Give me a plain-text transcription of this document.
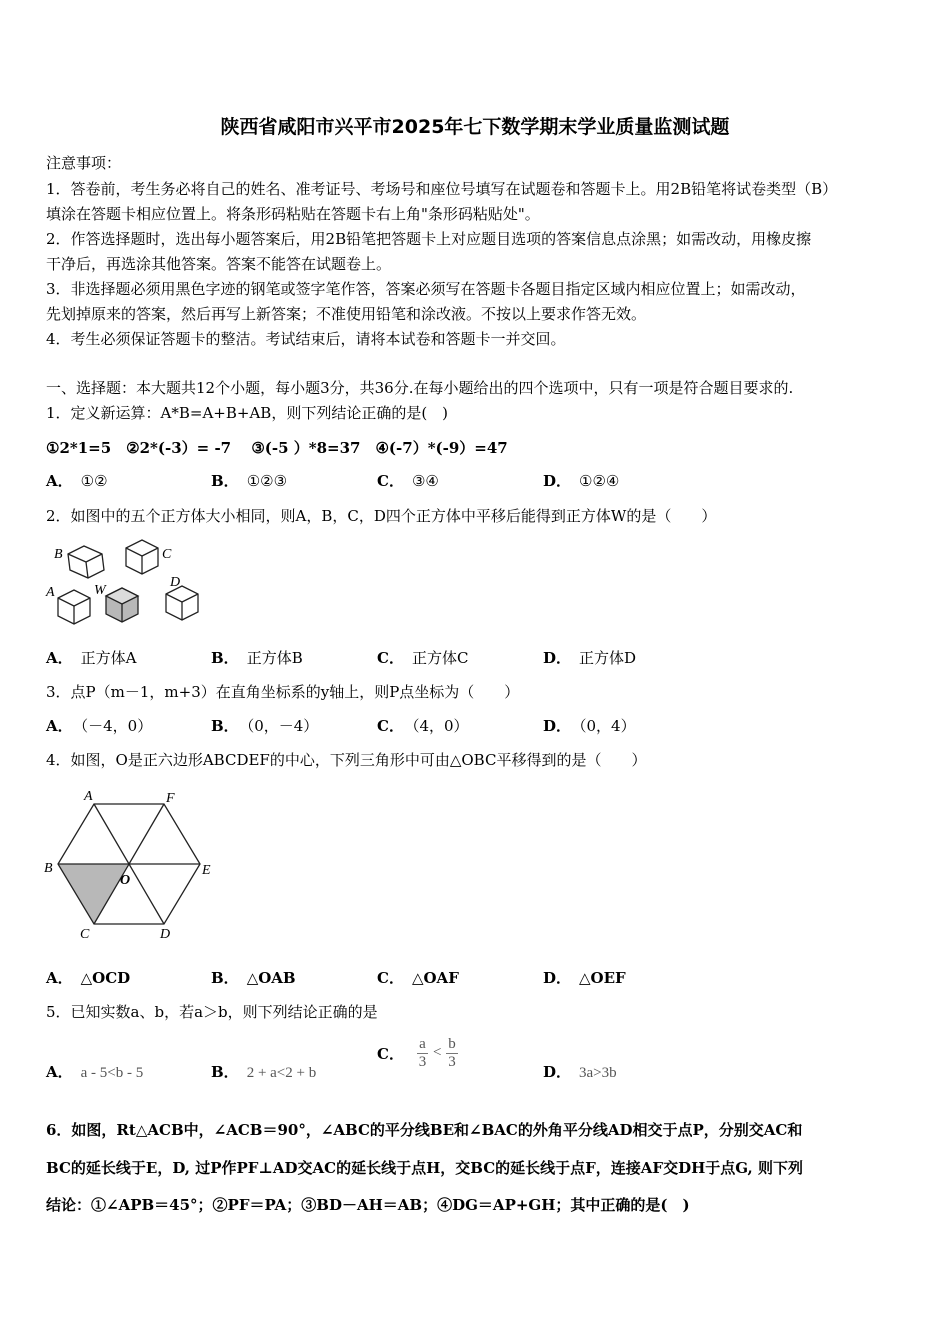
陕西省咸阳市兴平市2025年七下数学期末学业质量监测试题
注意事项：
1．答卷前，考生务必将自己的姓名、准考证号、考场号和座位号填写在试题卷和答题卡上。用2B铅笔将试卷类型（B）
填涂在答题卡相应位置上。将条形码粘贴在答题卡右上角"条形码粘贴处"。
2．作答选择题时，选出每小题答案后，用2B铅笔把答题卡上对应题目选项的答案信息点涂黑；如需改动，用橡皮擦
干净后，再选涂其他答案。答案不能答在试题卷上。
3．非选择题必须用黑色字迹的钢笔或签字笔作答，答案必须写在答题卡各题目指定区域内相应位置上；如需改动，
先划掉原来的答案，然后再写上新答案；不准使用铅笔和涂改液。不按以上要求作答无效。
4．考生必须保证答题卡的整洁。考试结束后，请将本试卷和答题卡一并交回。
一、选择题：本大题共12个小题，每小题3分，共36分.在每小题给出的四个选项中，只有一项是符合题目要求的.
1．定义新运算：A*B=A+B+AB，则下列结论正确的是(　)
①2*1=5　②2*(-3）= -7　 ③(-5 ）*8=37　④(-7）*(-9）=47
A． ①②	B． ①②③	C． ③④	D． ①②④
2．如图中的五个正方体大小相同，则A，B，C，D四个正方体中平移后能得到正方体W的是（　　）
B	C
A	W
D
A． 正方体A	B． 正方体B	C． 正方体C	D． 正方体D
3．点P（m－1，m+3）在直角坐标系的y轴上，则P点坐标为（　　）
A． （－4，0）	B． （0，－4）	C． （4，0）	D． （0，4）
4．如图，O是正六边形ABCDEF的中心，下列三角形中可由△OBC平移得到的是（　　）
A	F
B
O
E
C	D
A． △OCD	B． △OAB	C． △OAF	D． △OEF
5．已知实数a、b，若a＞b，则下列结论正确的是
A． a - 5<b - 5	B． 2 + a<2 + b
C． $\frac{a}{3} < \frac{b}{3}$
D． 3a>3b
6．如图，Rt△ACB中，∠ACB＝90°，∠ABC的平分线BE和∠BAC的外角平分线AD相交于点P，分别交AC和
BC的延长线于E，D, 过P作PF⊥AD交AC的延长线于点H，交BC的延长线于点F，连接AF交DH于点G, 则下列
结论：①∠APB＝45°；②PF＝PA；③BD－AH＝AB；④DG＝AP+GH；其中正确的是(　)
